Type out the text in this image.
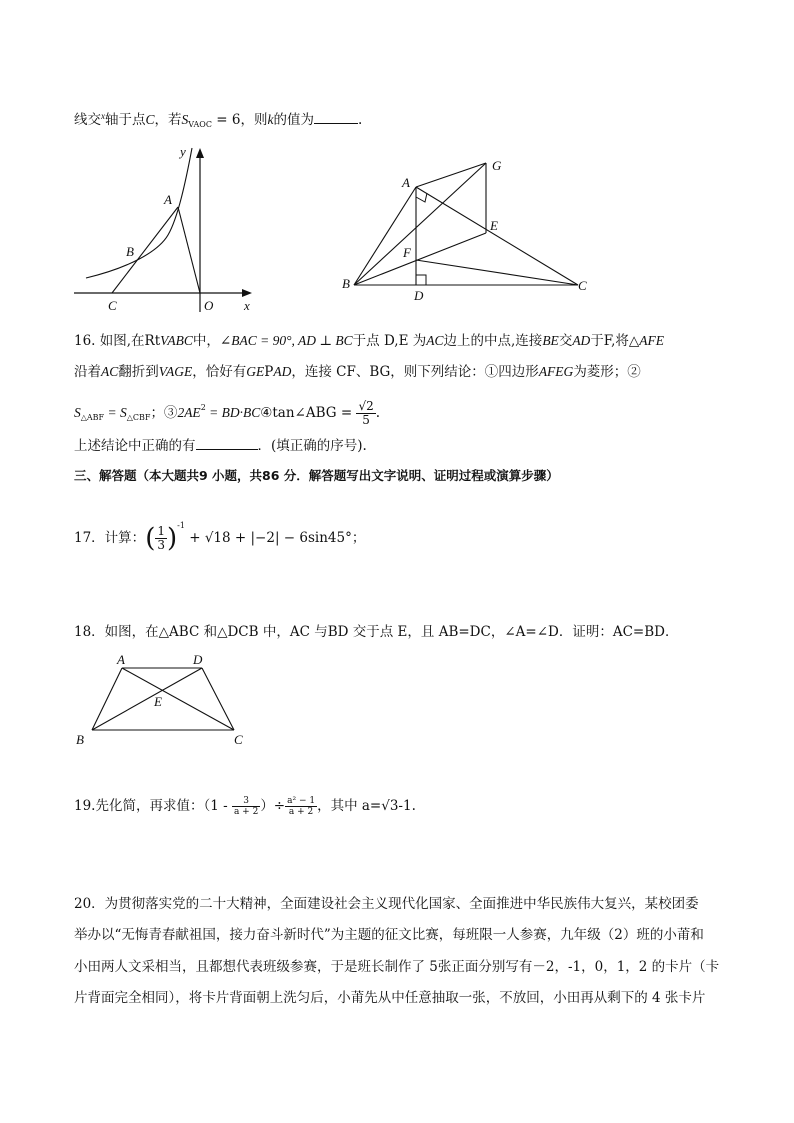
线交$^x$轴于点C，若$S_{VAOC} = 6$，则k的值为	.
y
A
B
C	O x
A
G
E
F
B
D
C
16. 如图,在RtVABC中，∠BAC = 90°, AD ⊥ BC于点 D,E 为AC边上的中点,连接BE交AD于F,将△AFE
沿着AC翻折到VAGE，恰好有GEPAD，连接 CF、BG，则下列结论：①四边形AFEG为菱形；②
$S_{\triangle ABF} = S_{\triangle CBF}$；$③2AE^2$ = BD·BC④tan∠ABG = $\frac{√2}{5}$ .
上述结论中正确的有	．(填正确的序号).
三、解答题（本大题共9 小题，共86 分．解答题写出文字说明、证明过程或演算步骤）
17．计算：( $\frac{1}{3} )^{-1} + √18 + |-2| - 6\sin 45^\circ$；
18．如图，在△ABC 和△DCB 中，AC 与BD 交于点 E，且 AB=DC，∠A=∠D．证明：AC=BD．
A	D
E
B	C
19.先化简，再求值：（$1 - \frac{3}{a + 2}$ ）÷ $\frac{\text{a² − 1}}{a + 2}$ ，其中 a=√3-1.
20．为贯彻落实党的二十大精神，全面建设社会主义现代化国家、全面推进中华民族伟大复兴，某校团委
举办以“无悔青春献祖国，接力奋斗新时代”为主题的征文比赛，每班限一人参赛，九年级（2）班的小莆和
小田两人文采相当，且都想代表班级参赛，于是班长制作了 5张正面分别写有－2，-1，0，1，2 的卡片（卡
片背面完全相同），将卡片背面朝上洗匀后，小莆先从中任意抽取一张，不放回，小田再从剩下的 4 张卡片
